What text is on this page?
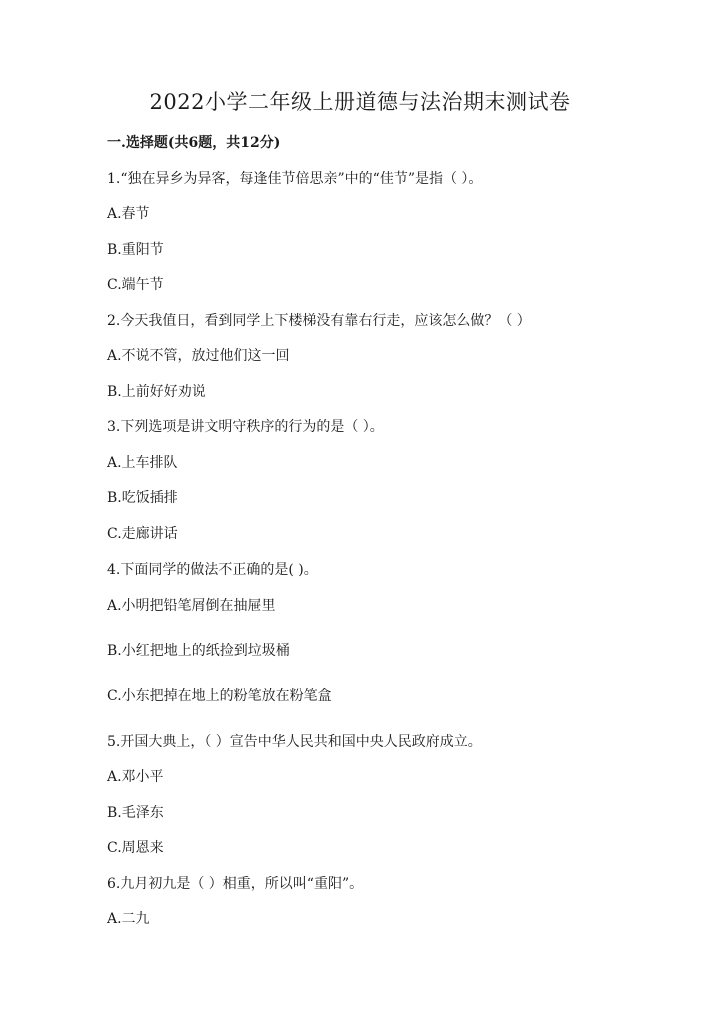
2022小学二年级上册道德与法治期末测试卷
一.选择题(共6题，共12分)
1.“独在异乡为异客，每逢佳节倍思亲”中的“佳节”是指（ ）。
A.春节
B.重阳节
C.端午节
2.今天我值日，看到同学上下楼梯没有靠右行走，应该怎么做？（ ）
A.不说不管，放过他们这一回
B.上前好好劝说
3.下列选项是讲文明守秩序的行为的是（ ）。
A.上车排队
B.吃饭插排
C.走廊讲话
4.下面同学的做法不正确的是( )。
A.小明把铅笔屑倒在抽屉里
B.小红把地上的纸捡到垃圾桶
C.小东把掉在地上的粉笔放在粉笔盒
5.开国大典上，（ ）宣告中华人民共和国中央人民政府成立。
A.邓小平
B.毛泽东
C.周恩来
6.九月初九是（ ）相重，所以叫“重阳”。
A.二九
